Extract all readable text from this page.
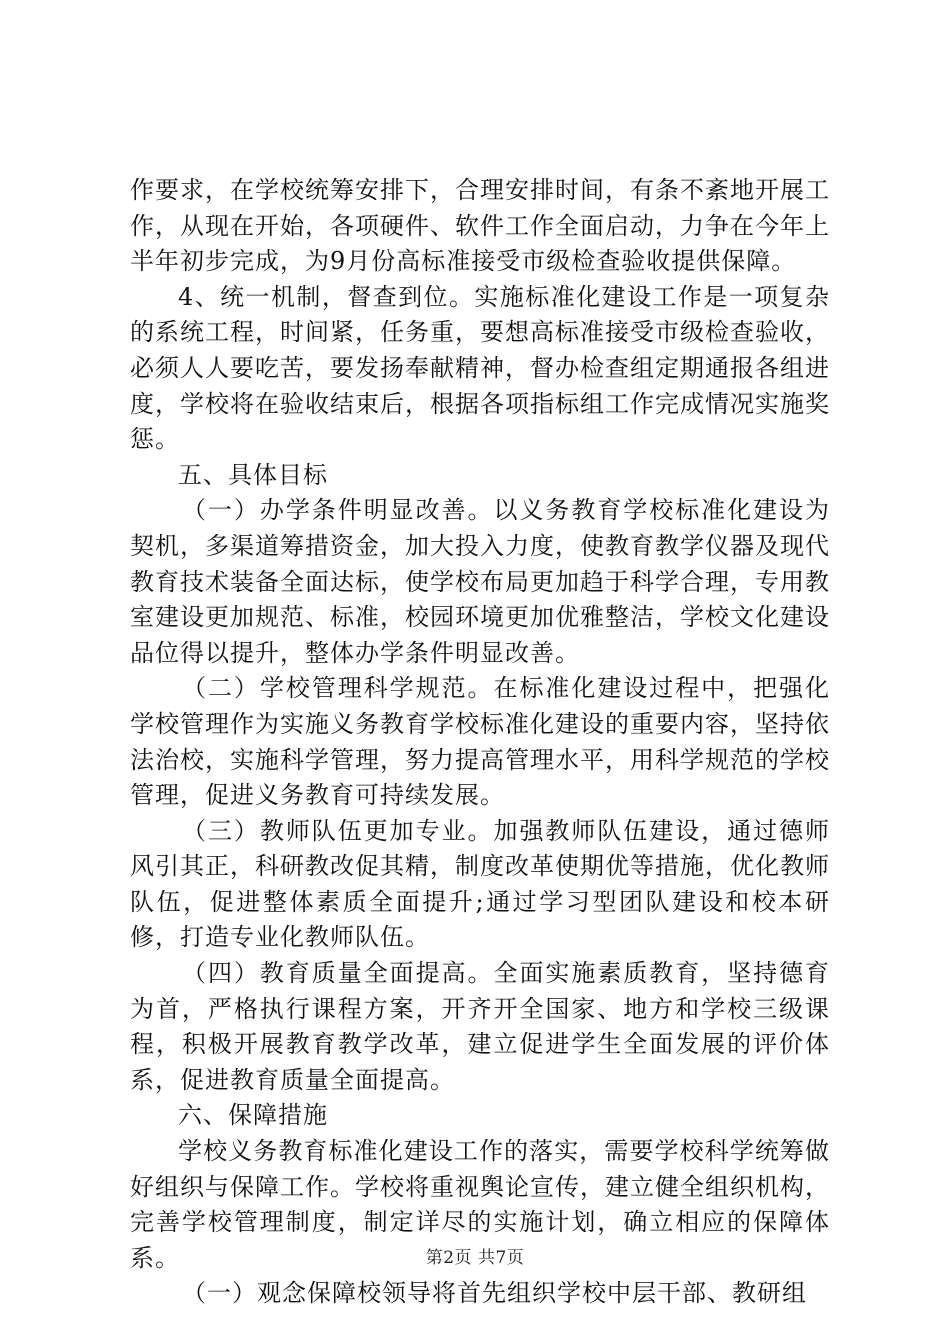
作要求，在学校统筹安排下，合理安排时间，有条不紊地开展工作，从现在开始，各项硬件、软件工作全面启动，力争在今年上半年初步完成，为9月份高标准接受市级检查验收提供保障。

4、统一机制，督查到位。实施标准化建设工作是一项复杂的系统工程，时间紧，任务重，要想高标准接受市级检查验收，必须人人要吃苦，要发扬奉献精神，督办检查组定期通报各组进度，学校将在验收结束后，根据各项指标组工作完成情况实施奖惩。

五、具体目标

（一）办学条件明显改善。以义务教育学校标准化建设为契机，多渠道筹措资金，加大投入力度，使教育教学仪器及现代教育技术装备全面达标，使学校布局更加趋于科学合理，专用教室建设更加规范、标准，校园环境更加优雅整洁，学校文化建设品位得以提升，整体办学条件明显改善。

（二）学校管理科学规范。在标准化建设过程中，把强化学校管理作为实施义务教育学校标准化建设的重要内容，坚持依法治校，实施科学管理，努力提高管理水平，用科学规范的学校管理，促进义务教育可持续发展。

（三）教师队伍更加专业。加强教师队伍建设，通过德师风引其正，科研教改促其精，制度改革使期优等措施，优化教师队伍，促进整体素质全面提升;通过学习型团队建设和校本研修，打造专业化教师队伍。

（四）教育质量全面提高。全面实施素质教育，坚持德育为首，严格执行课程方案，开齐开全国家、地方和学校三级课程，积极开展教育教学改革，建立促进学生全面发展的评价体系，促进教育质量全面提高。

六、保障措施

学校义务教育标准化建设工作的落实，需要学校科学统筹做好组织与保障工作。学校将重视舆论宣传，建立健全组织机构，完善学校管理制度，制定详尽的实施计划，确立相应的保障体系。

（一）观念保障校领导将首先组织学校中层干部、教研组

第2页 共7页
